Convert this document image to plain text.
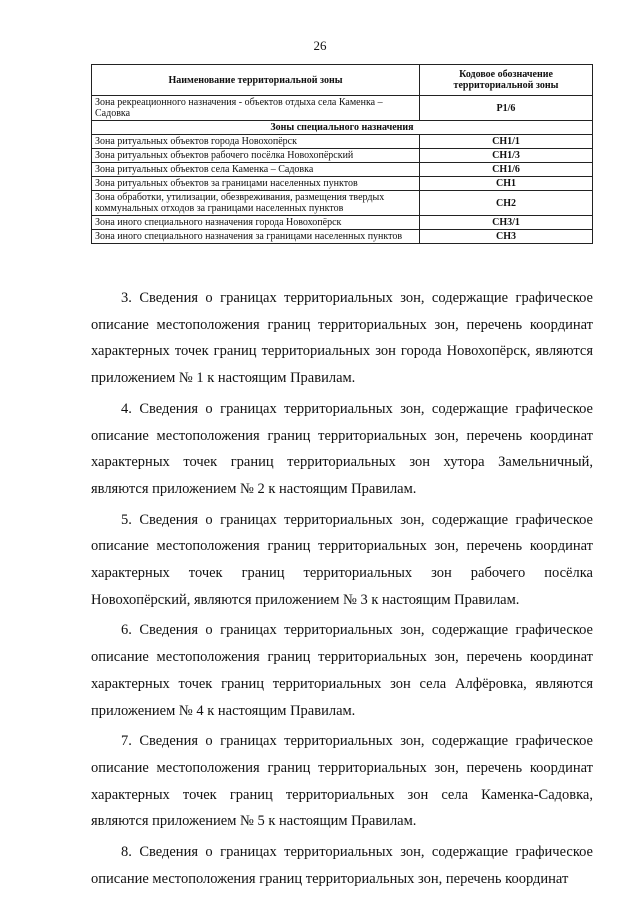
26
Наименование территориальной зоны	Кодовое обозначение территориальной зоны
Зона рекреационного назначения - объектов отдыха села Каменка – Садовка	Р1/6
Зоны специального назначения	
Зона ритуальных объектов города Новохопёрск	СН1/1
Зона ритуальных объектов рабочего посёлка Новохопёрский	СН1/3
Зона ритуальных объектов села Каменка – Садовка	СН1/6
Зона ритуальных объектов за границами населенных пунктов	СН1
Зона обработки, утилизации, обезвреживания, размещения твердых коммунальных отходов за границами населенных пунктов	СН2
Зона иного специального назначения города Новохопёрск	СН3/1
Зона иного специального назначения за границами населенных пунктов	СН3

3. Сведения о границах территориальных зон, содержащие графическое описание местоположения границ территориальных зон, перечень координат характерных точек границ территориальных зон города Новохопёрск, являются приложением № 1 к настоящим Правилам.

4. Сведения о границах территориальных зон, содержащие графическое описание местоположения границ территориальных зон, перечень координат характерных точек границ территориальных зон хутора Замельничный, являются приложением № 2 к настоящим Правилам.

5. Сведения о границах территориальных зон, содержащие графическое описание местоположения границ территориальных зон, перечень координат характерных точек границ территориальных зон рабочего посёлка Новохопёрский, являются приложением № 3 к настоящим Правилам.

6. Сведения о границах территориальных зон, содержащие графическое описание местоположения границ территориальных зон, перечень координат характерных точек границ территориальных зон села Алфёровка, являются приложением № 4 к настоящим Правилам.

7. Сведения о границах территориальных зон, содержащие графическое описание местоположения границ территориальных зон, перечень координат характерных точек границ территориальных зон села Каменка-Садовка, являются приложением № 5 к настоящим Правилам.

8. Сведения о границах территориальных зон, содержащие графическое описание местоположения границ территориальных зон, перечень координат
